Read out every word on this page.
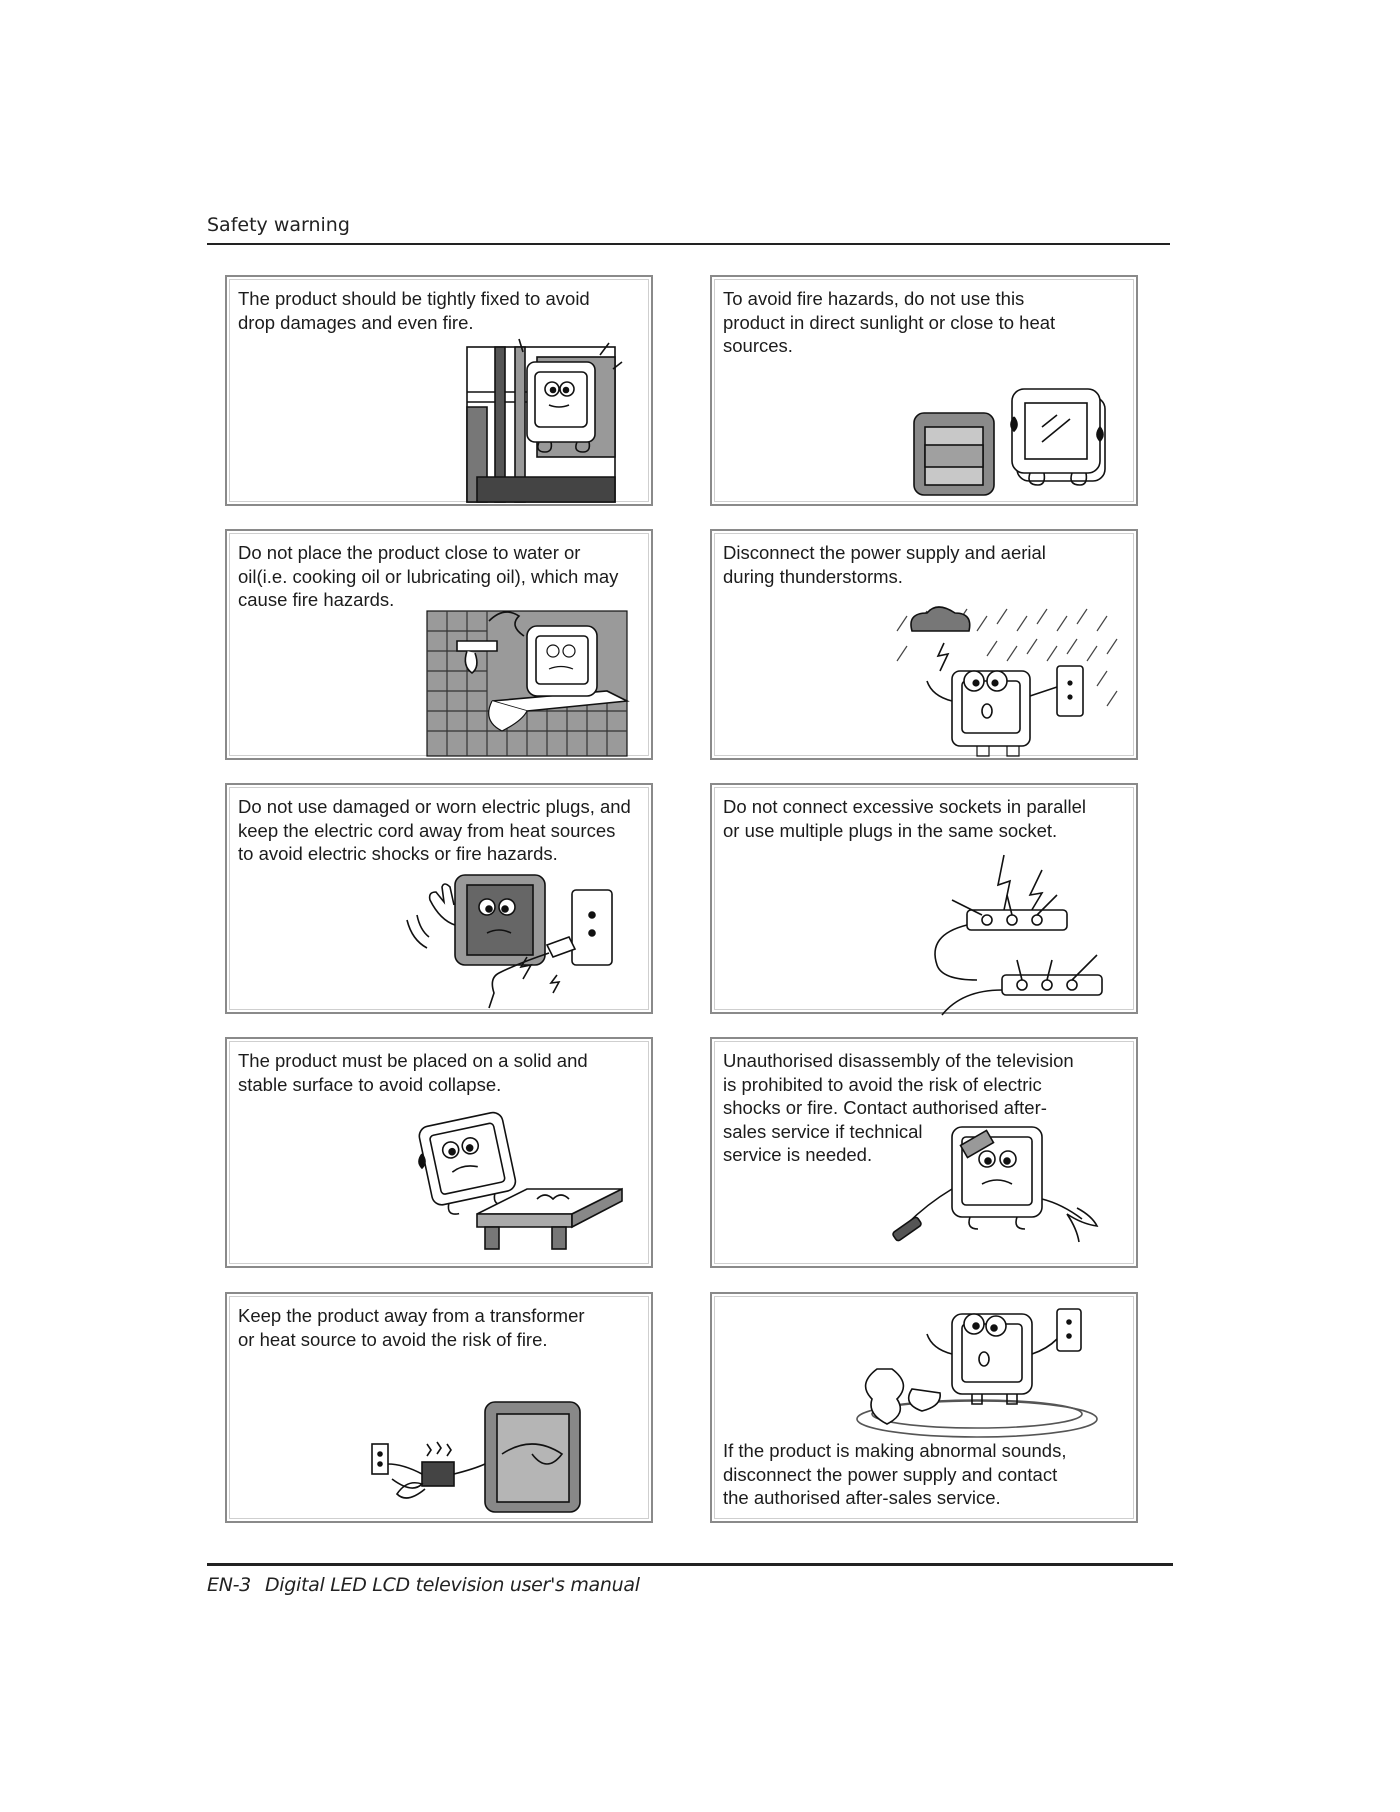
Safety warning
The product should be tightly fixed to avoid
drop damages and even fire.
To avoid fire hazards, do not use this
product in direct sunlight or close to heat
sources.
Do not place the product close to water or
oil(i.e. cooking oil or lubricating oil), which may
cause fire hazards.
Disconnect the power supply and aerial
during thunderstorms.
Do not use damaged or worn electric plugs, and
keep the electric cord away from heat sources
to avoid electric shocks or fire hazards.
Do not connect excessive sockets in parallel
or use multiple plugs in the same socket.
The product must be placed on a solid and
stable surface to avoid collapse.
Unauthorised disassembly of the television
is prohibited to avoid the risk of electric
shocks or fire. Contact authorised after-
sales service if technical
service is needed.
Keep the product away from a transformer
or heat source to avoid the risk of fire.
If the product is making abnormal sounds,
disconnect the power supply and contact
the authorised after-sales service.
EN-3 Digital LED LCD television user's manual
